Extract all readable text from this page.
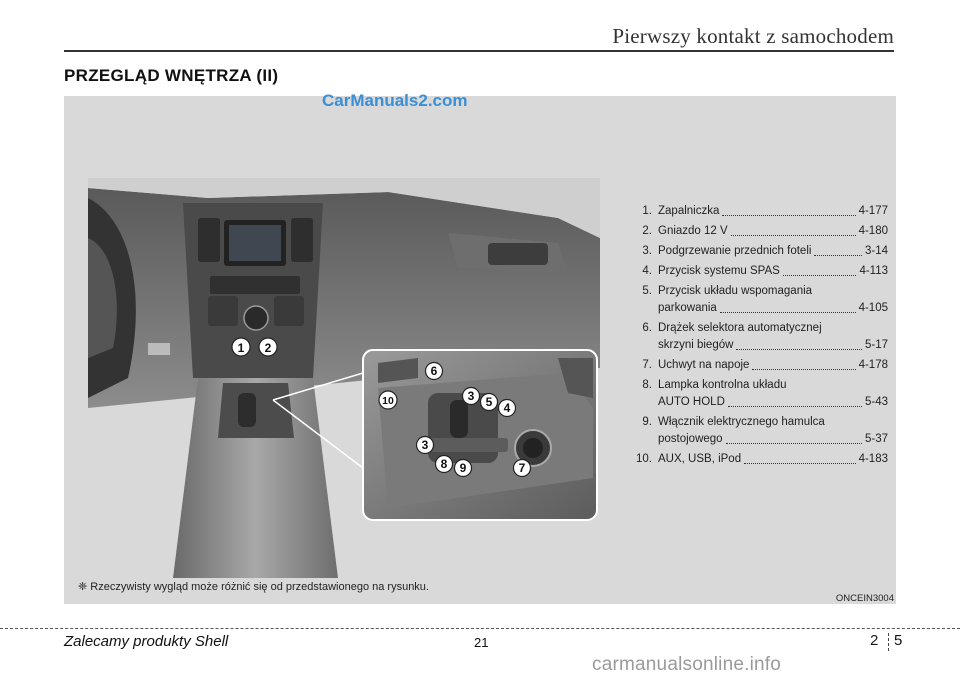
Pierwszy kontakt z samochodem
PRZEGLĄD WNĘTRZA (II)
CarManuals2.com
1 2
6
3 5 4
10
3
8 9	7
1. Zapalniczka	4-177
2. Gniazdo 12 V	4-180
3. Podgrzewanie przednich foteli	3-14
4. Przycisk systemu SPAS	4-113
5. Przycisk układu wspomagania
parkowania	4-105
6. Drążek selektora automatycznej
skrzyni biegów	5-17
7. Uchwyt na napoje	4-178
8. Lampka kontrolna układu
AUTO HOLD	5-43
9. Włącznik elektrycznego hamulca
postojowego	5-37
10. AUX, USB, iPod	4-183
❈ Rzeczywisty wygląd może różnić się od przedstawionego na rysunku.
ONCEIN3004
Zalecamy produkty Shell	21	2 5
carmanualsonline.info
